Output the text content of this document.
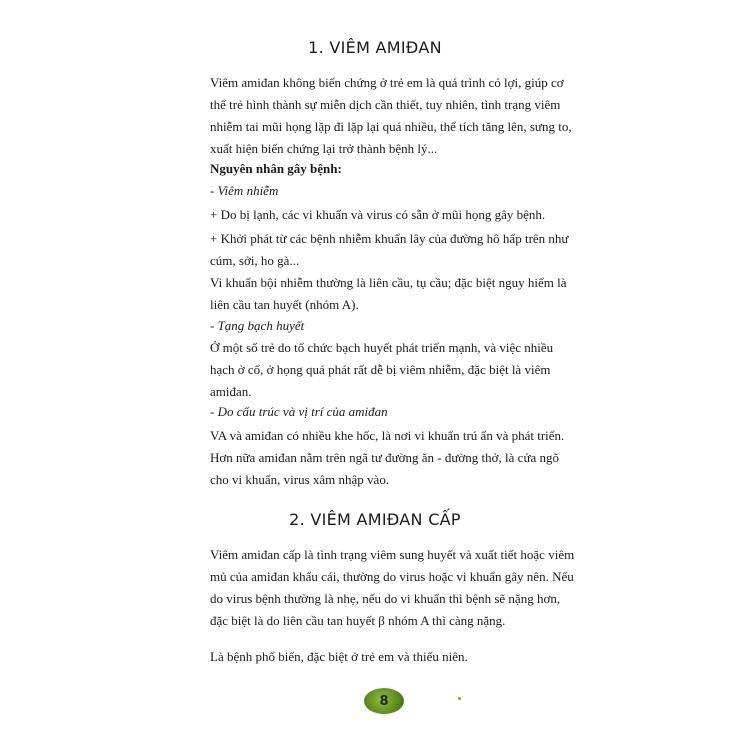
1. VIÊM AMIĐAN

Viêm amiđan không biến chứng ở trẻ em là quá trình có lợi, giúp cơ thể trẻ hình thành sự miễn dịch cần thiết, tuy nhiên, tình trạng viêm nhiễm tai mũi họng lặp đi lặp lại quá nhiều, thể tích tăng lên, sưng to, xuất hiện biến chứng lại trở thành bệnh lý...

Nguyên nhân gây bệnh:

- Viêm nhiễm

+ Do bị lạnh, các vi khuẩn và virus có sẵn ở mũi họng gây bệnh.

+ Khởi phát từ các bệnh nhiễm khuẩn lây của đường hô hấp trên như cúm, sởi, ho gà...

Vi khuẩn bội nhiễm thường là liên cầu, tụ cầu; đặc biệt nguy hiểm là liên cầu tan huyết (nhóm A).

- Tạng bạch huyết

Ở một số trẻ do tổ chức bạch huyết phát triển mạnh, và việc nhiều hạch ở cổ, ở họng quá phát rất dễ bị viêm nhiễm, đặc biệt là viêm amiđan.

- Do cấu trúc và vị trí của amiđan

VA và amiđan có nhiều khe hốc, là nơi vi khuẩn trú ẩn và phát triển. Hơn nữa amiđan nằm trên ngã tư đường ăn - đường thở, là cửa ngõ cho vi khuẩn, virus xâm nhập vào.

2. VIÊM AMIĐAN CẤP

Viêm amiđan cấp là tình trạng viêm sung huyết và xuất tiết hoặc viêm mủ của amiđan khẩu cái, thường do virus hoặc vi khuẩn gây nên. Nếu do virus bệnh thường là nhẹ, nếu do vi khuẩn thì bệnh sẽ nặng hơn, đặc biệt là do liên cầu tan huyết β nhóm A thì càng nặng.

Là bệnh phổ biến, đặc biệt ở trẻ em và thiếu niên.

8
